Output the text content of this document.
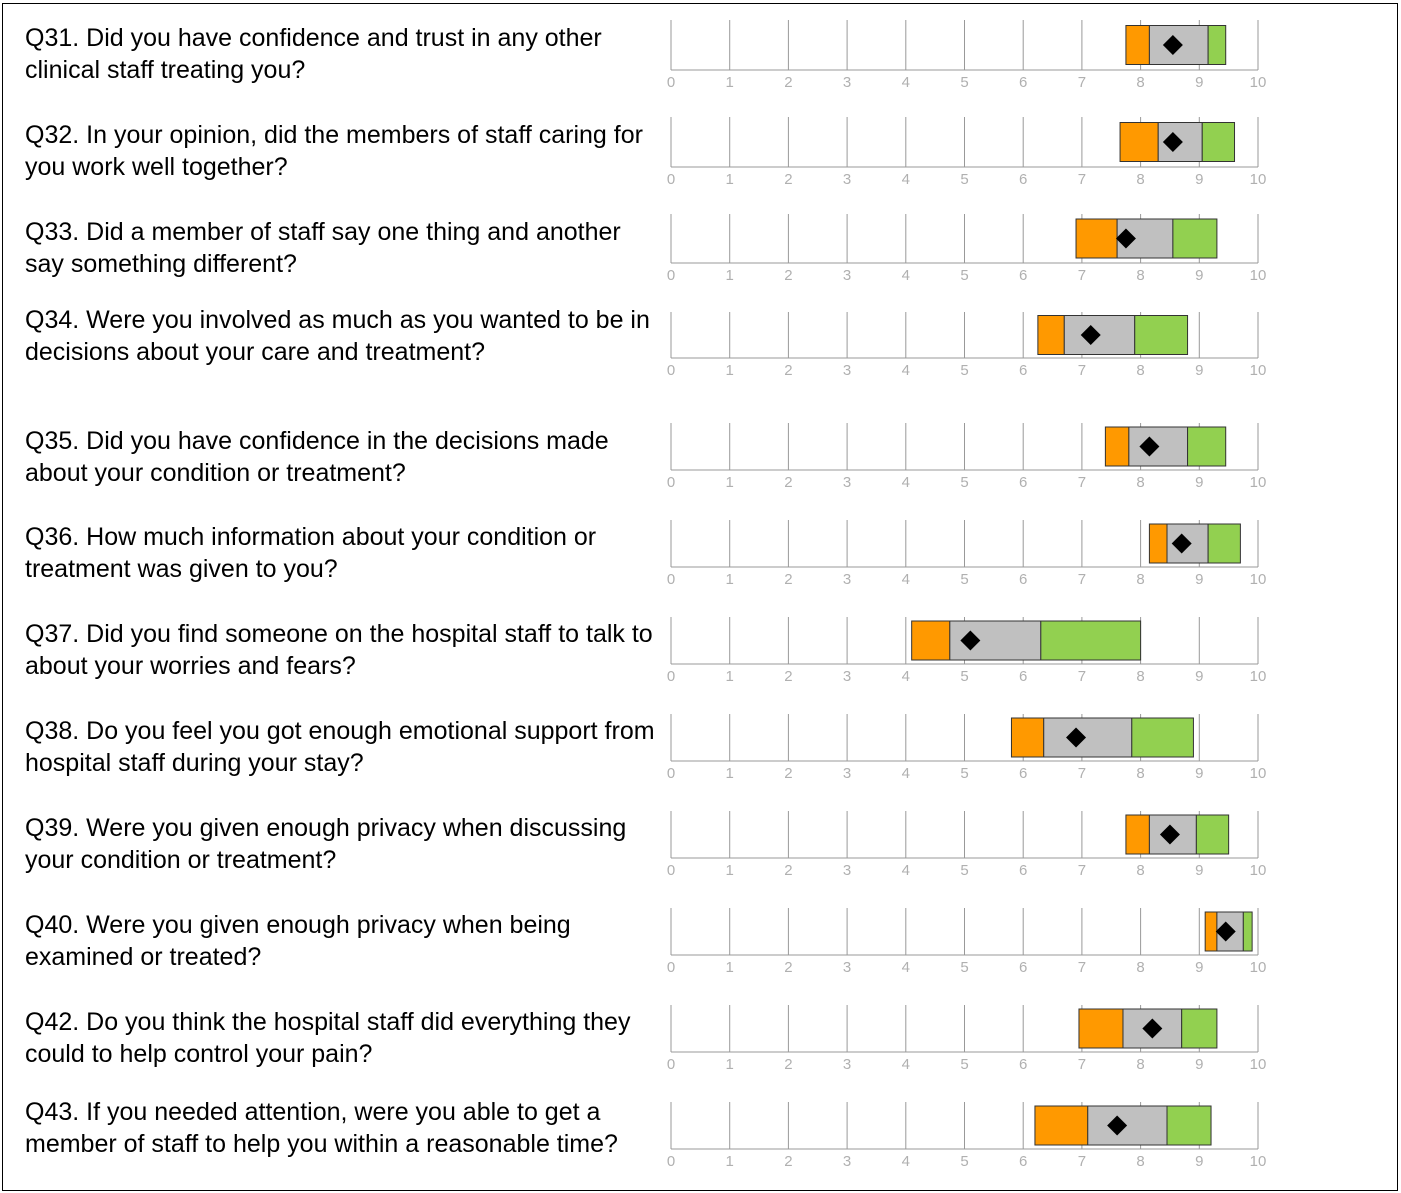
Q31. Did you have confidence and trust in any other clinical staff treating you?
Q32. In your opinion, did the members of staff caring for you work well together?
Q33. Did a member of staff say one thing and another say something different?
Q34. Were you involved as much as you wanted to be in decisions about your care and treatment?
Q35. Did you have confidence in the decisions made about your condition or treatment?
Q36. How much information about your condition or treatment was given to you?
Q37. Did you find someone on the hospital staff to talk to about your worries and fears?
Q38. Do you feel you got enough emotional support from hospital staff during your stay?
Q39. Were you given enough privacy when discussing your condition or treatment?
Q40. Were you given enough privacy when being examined or treated?
Q42. Do you think the hospital staff did everything they could to help control your pain?
Q43. If you needed attention, were you able to get a member of staff to help you within a reasonable time?
0	1	2	3	4	5	6	7	8	9	10
0	1	2	3	4	5	6	7	8	9	10
0	1	2	3	4	5	6	7	8	9	10
0	1	2	3	4	5	6	7	8	9	10
0	1	2	3	4	5	6	7	8	9	10
0	1	2	3	4	5	6	7	8	9	10
0	1	2	3	4	5	6	7	8	9	10
0	1	2	3	4	5	6	7	8	9	10
0	1	2	3	4	5	6	7	8	9	10
0	1	2	3	4	5	6	7	8	9	10
0	1	2	3	4	5	6	7	8	9	10
0	1	2	3	4	5	6	7	8	9	10
